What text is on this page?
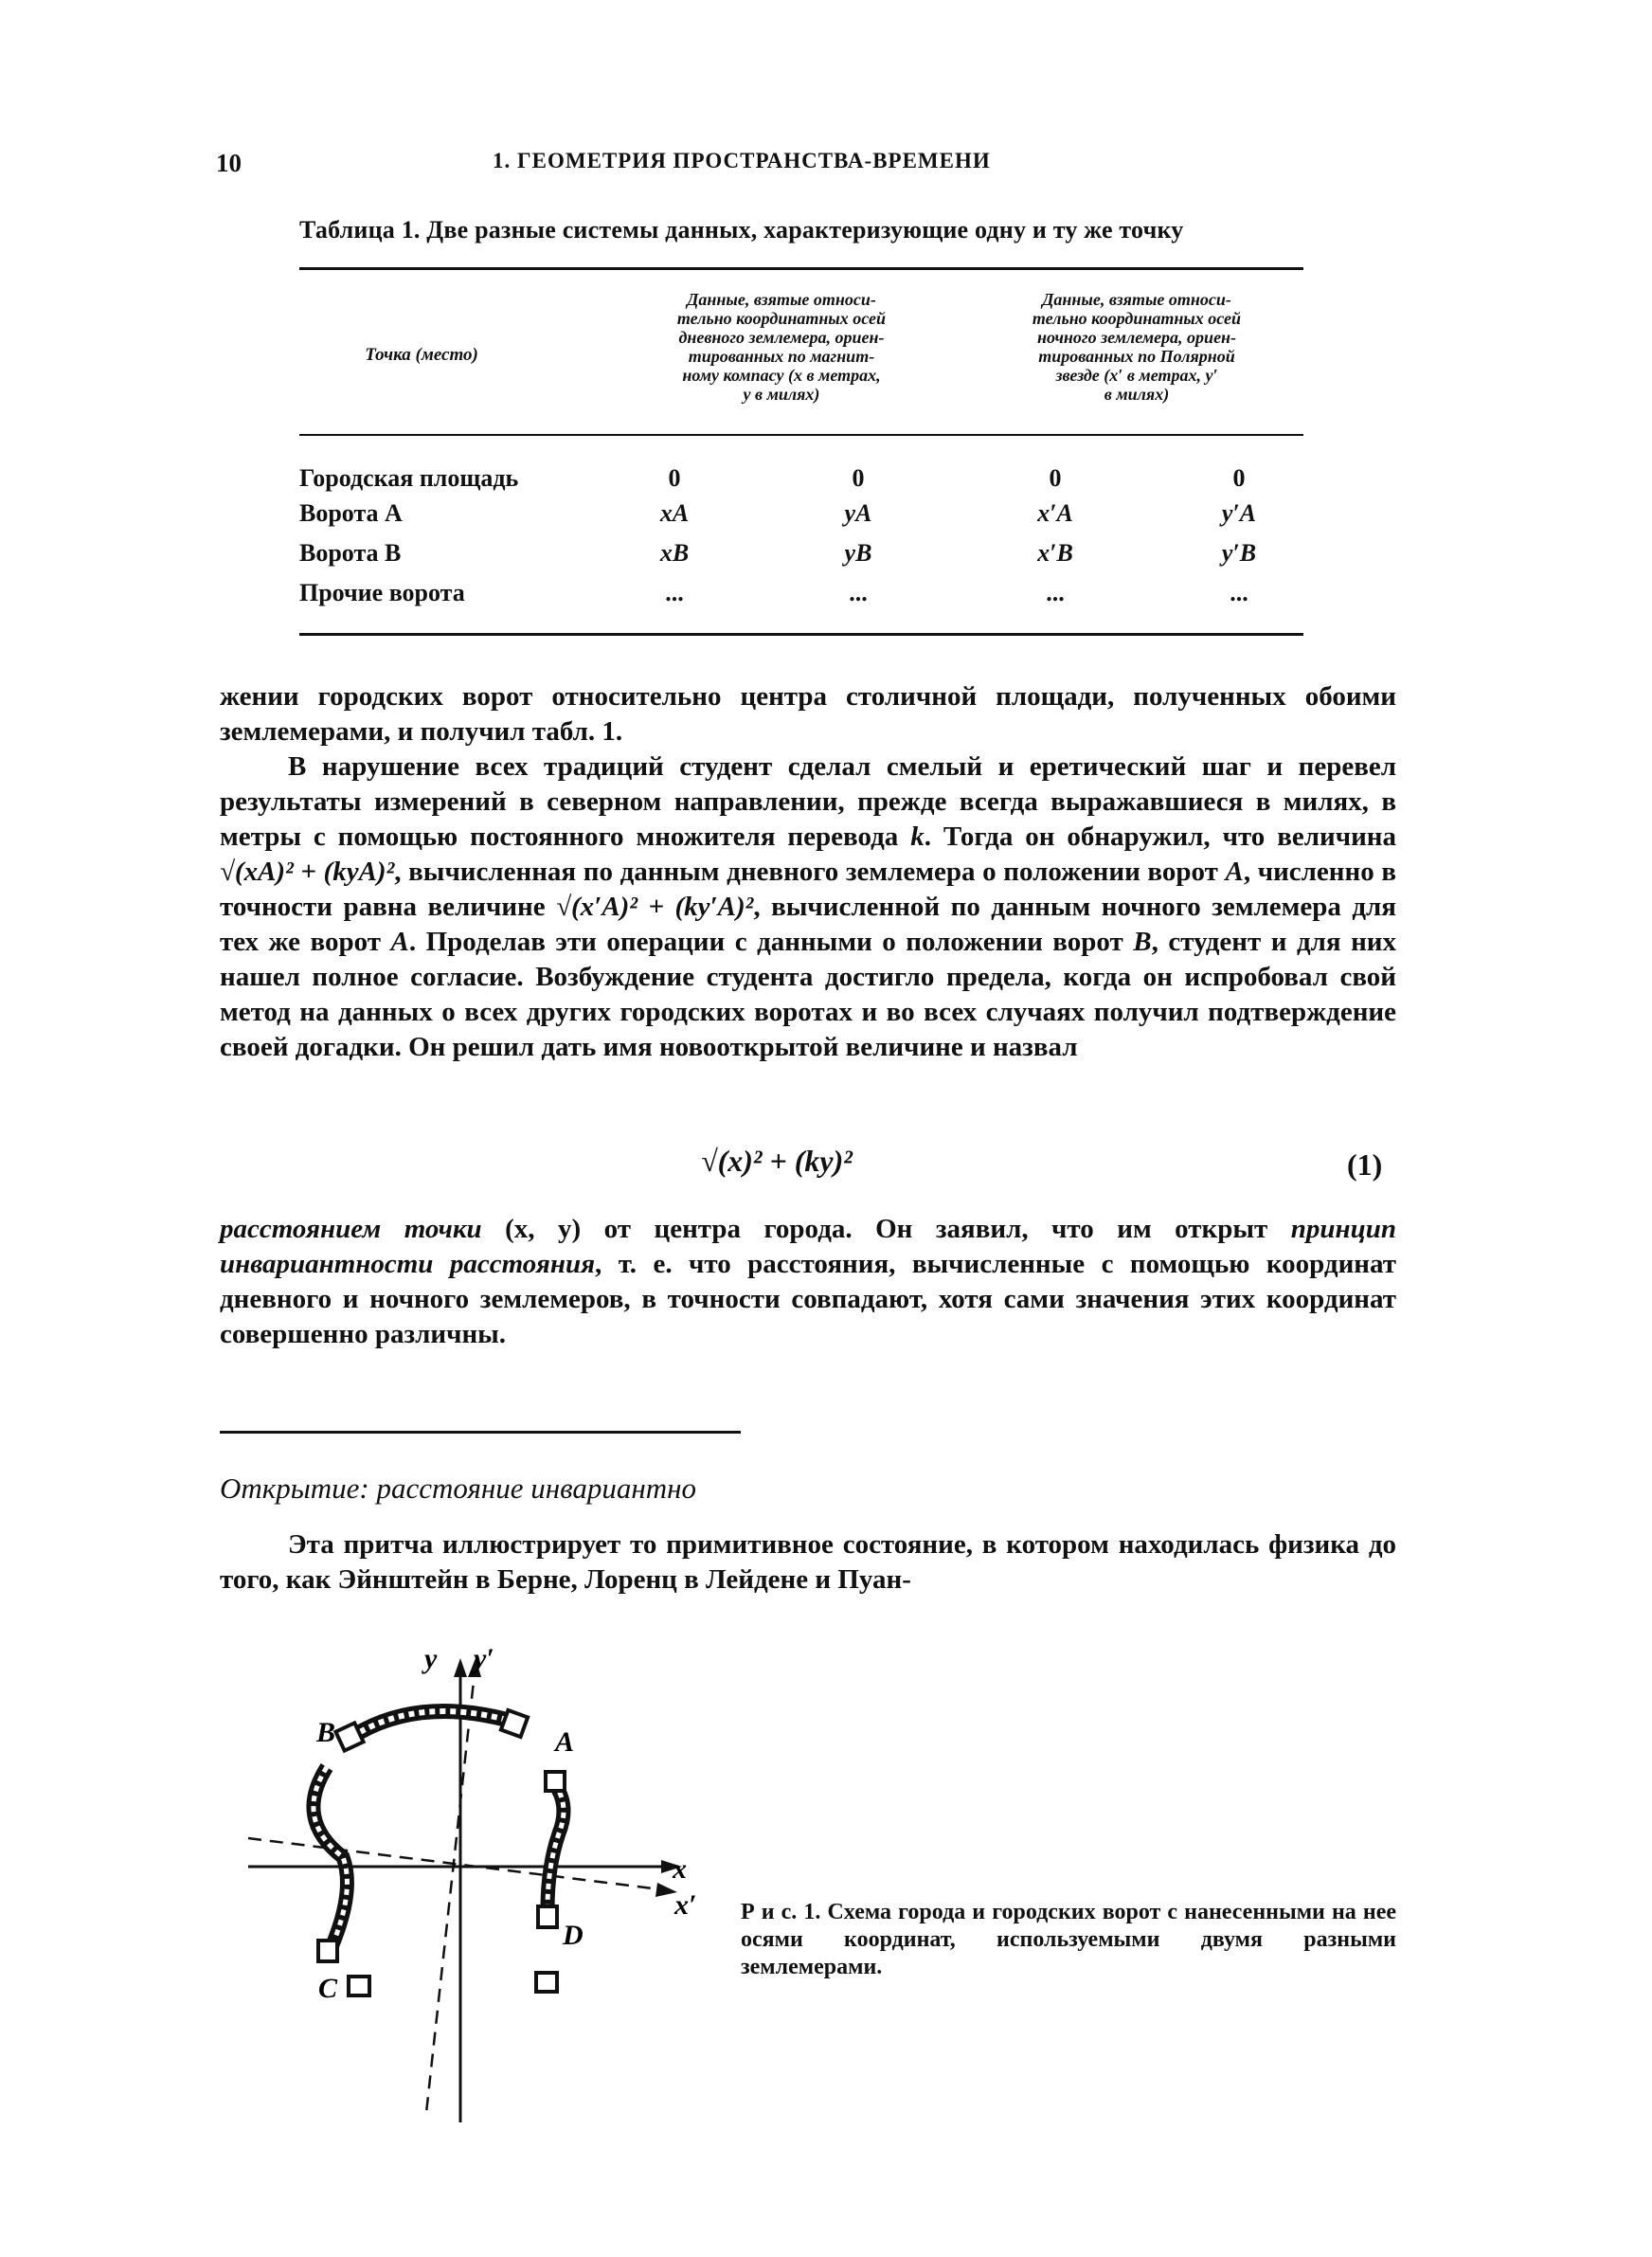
10	1. ГЕОМЕТРИЯ ПРОСТРАНСТВА-ВРЕМЕНИ
Таблица 1. Две разные системы данных, характеризующие одну и ту же точку
Точка (место)
Данные, взятые относи-
тельно координатных осей
дневного землемера, ориен-
тированных по магнит-
ному компасу (x в метрах,
y в милях)
Данные, взятые относи-
тельно координатных осей
ночного землемера, ориен-
тированных по Полярной
звезде (x′ в метрах, y′
в милях)
Городская площадь	0	0	0	0
Ворота A	xA	yA	x′A	y′A
Ворота B	xB	yB	x′B	y′B
Прочие ворота	...	...	...	...

жении городских ворот относительно центра столичной площади, полученных обоими землемерами, и получил табл. 1.

В нарушение всех традиций студент сделал смелый и еретический шаг и перевел результаты измерений в северном направлении, прежде всегда выражавшиеся в милях, в метры с помощью постоянного множителя перевода k. Тогда он обнаружил, что величина √(xA)² + (kyA)², вычисленная по данным дневного землемера о положении ворот A, численно в точности равна величине √(x′A)² + (ky′A)², вычисленной по данным ночного землемера для тех же ворот A. Проделав эти операции с данными о положении ворот B, студент и для них нашел полное согласие. Возбуждение студента достигло предела, когда он испробовал свой метод на данных о всех других городских воротах и во всех случаях получил подтверждение своей догадки. Он решил дать имя новооткрытой величине и назвал

√(x)² + (ky)²	(1)

расстоянием точки (x, y) от центра города. Он заявил, что им открыт принцип инвариантности расстояния, т. е. что расстояния, вычисленные с помощью координат дневного и ночного землемеров, в точности совпадают, хотя сами значения этих координат совершенно различны.

Открытие: расстояние инвариантно

Эта притча иллюстрирует то примитивное состояние, в котором находилась физика до того, как Эйнштейн в Берне, Лоренц в Лейдене и Пуан-

y y′
x
x′
A
B
C
D
Р и с. 1. Схема города и городских ворот с нанесенными на нее осями координат, используемыми двумя разными землемерами.
